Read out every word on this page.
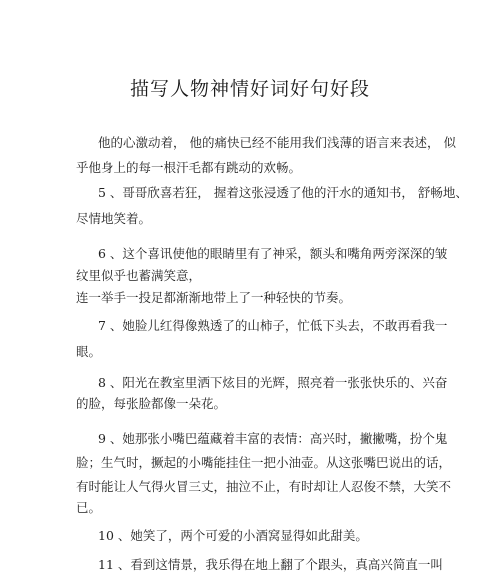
描写人物神情好词好句好段
他的心激动着， 他的痛快已经不能用我们浅薄的语言来表述， 似
乎他身上的每一根汗毛都有跳动的欢畅。
5 、哥哥欣喜若狂， 握着这张浸透了他的汗水的通知书， 舒畅地、
尽情地笑着。
6 、这个喜讯使他的眼睛里有了神采，额头和嘴角两旁深深的皱
纹里似乎也蓄满笑意，
连一举手一投足都渐渐地带上了一种轻快的节奏。
7 、她脸儿红得像熟透了的山柿子，忙低下头去，不敢再看我一
眼。
8 、阳光在教室里洒下炫目的光辉，照亮着一张张快乐的、兴奋
的脸，每张脸都像一朵花。
9 、她那张小嘴巴蕴藏着丰富的表情：高兴时，撇撇嘴，扮个鬼
脸；生气时，撅起的小嘴能挂住一把小油壶。从这张嘴巴说出的话，
有时能让人气得火冒三丈，抽泣不止，有时却让人忍俊不禁，大笑不
已。
10 、她笑了，两个可爱的小酒窝显得如此甜美。
11 、看到这情景，我乐得在地上翻了个跟头，真高兴简直一叫
